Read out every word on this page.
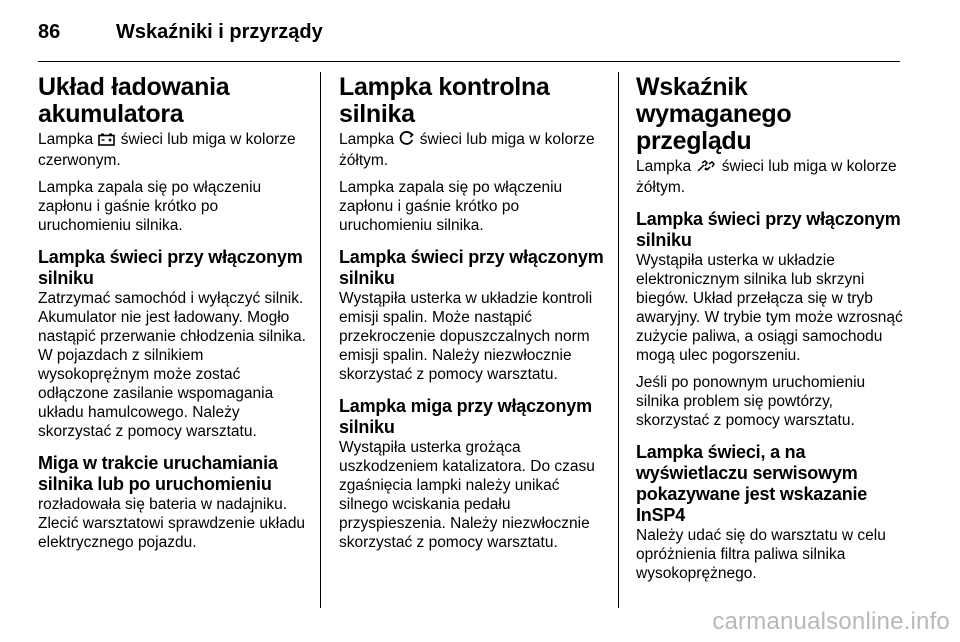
86	Wskaźniki i przyrządy
Układ ładowania akumulatora

Lampka świeci lub miga w kolorze czerwonym.

Lampka zapala się po włączeniu zapłonu i gaśnie krótko po uruchomieniu silnika.

Lampka świeci przy włączonym silniku

Zatrzymać samochód i wyłączyć silnik. Akumulator nie jest ładowany. Mogło nastąpić przerwanie chłodzenia silnika. W pojazdach z silnikiem wysokoprężnym może zostać odłączone zasilanie wspomagania układu hamulcowego. Należy skorzystać z pomocy warsztatu.

Miga w trakcie uruchamiania silnika lub po uruchomieniu

rozładowała się bateria w nadajniku. Zlecić warsztatowi sprawdzenie układu elektrycznego pojazdu.

Lampka kontrolna silnika

Lampka świeci lub miga w kolorze żółtym.

Lampka zapala się po włączeniu zapłonu i gaśnie krótko po uruchomieniu silnika.

Lampka świeci przy włączonym silniku

Wystąpiła usterka w układzie kontroli emisji spalin. Może nastąpić przekroczenie dopuszczalnych norm emisji spalin. Należy niezwłocznie skorzystać z pomocy warsztatu.

Lampka miga przy włączonym silniku

Wystąpiła usterka grożąca uszkodzeniem katalizatora. Do czasu zgaśnięcia lampki należy unikać silnego wciskania pedału przyspieszenia. Należy niezwłocznie skorzystać z pomocy warsztatu.

Wskaźnik wymaganego przeglądu

Lampka świeci lub miga w kolorze żółtym.

Lampka świeci przy włączonym silniku

Wystąpiła usterka w układzie elektronicznym silnika lub skrzyni biegów. Układ przełącza się w tryb awaryjny. W trybie tym może wzrosnąć zużycie paliwa, a osiągi samochodu mogą ulec pogorszeniu.

Jeśli po ponownym uruchomieniu silnika problem się powtórzy, skorzystać z pomocy warsztatu.

Lampka świeci, a na wyświetlaczu serwisowym pokazywane jest wskazanie InSP4

Należy udać się do warsztatu w celu opróżnienia filtra paliwa silnika wysokoprężnego.

carmanualsonline.info
